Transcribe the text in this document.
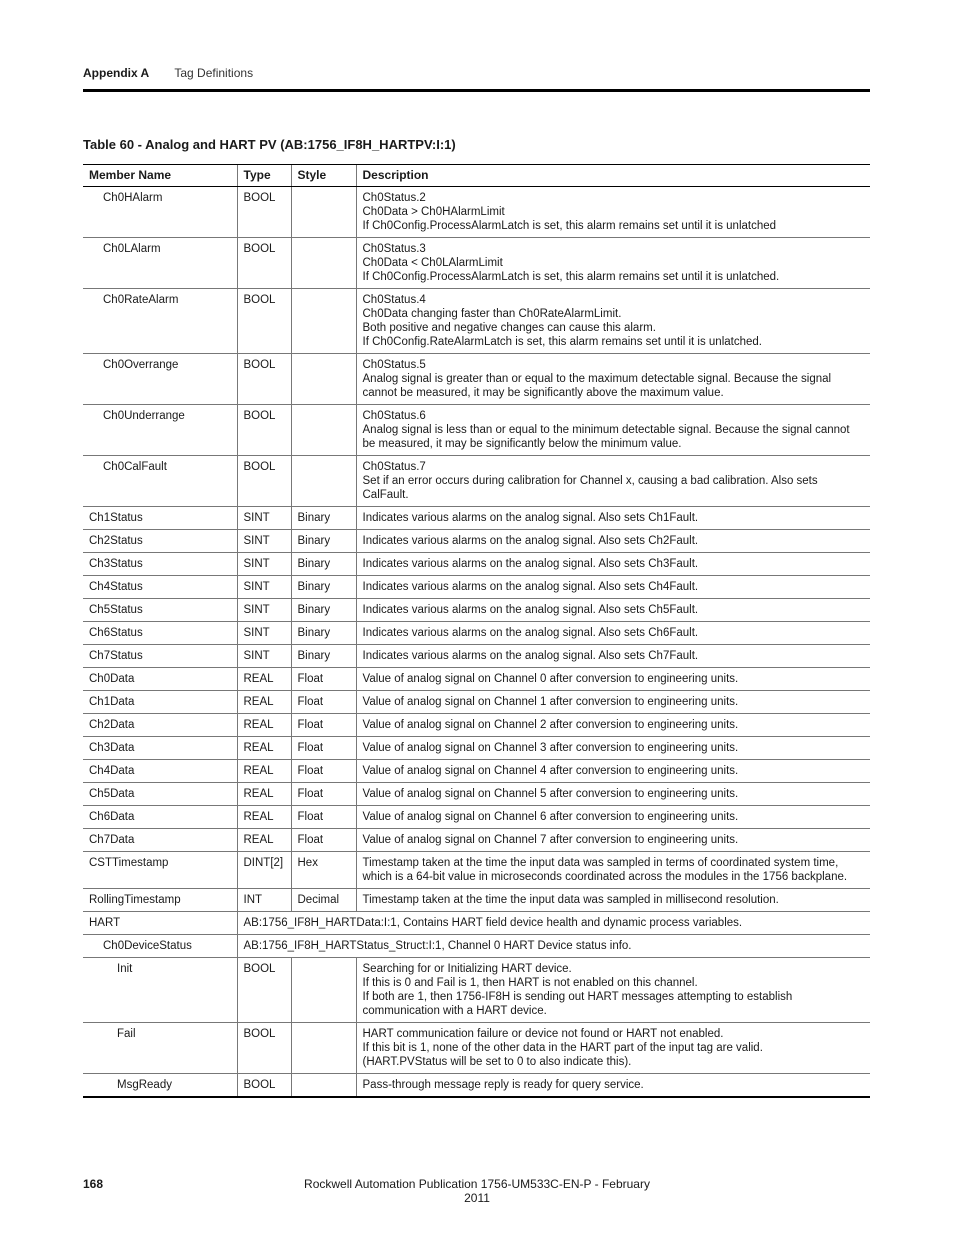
Appendix A Tag Definitions
Table 60 - Analog and HART PV (AB:1756_IF8H_HARTPV:I:1)
Member Name	Type	Style	Description
Ch0HAlarm	BOOL		Ch0Status.2
Ch0Data > Ch0HAlarmLimit
If Ch0Config.ProcessAlarmLatch is set, this alarm remains set until it is unlatched
Ch0LAlarm	BOOL		Ch0Status.3
Ch0Data < Ch0LAlarmLimit
If Ch0Config.ProcessAlarmLatch is set, this alarm remains set until it is unlatched.
Ch0RateAlarm	BOOL		Ch0Status.4
Ch0Data changing faster than Ch0RateAlarmLimit.
Both positive and negative changes can cause this alarm.
If Ch0Config.RateAlarmLatch is set, this alarm remains set until it is unlatched.
Ch0Overrange	BOOL		Ch0Status.5
Analog signal is greater than or equal to the maximum detectable signal. Because the signal cannot be measured, it may be significantly above the maximum value.
Ch0Underrange	BOOL		Ch0Status.6
Analog signal is less than or equal to the minimum detectable signal. Because the signal cannot be measured, it may be significantly below the minimum value.
Ch0CalFault	BOOL		Ch0Status.7
Set if an error occurs during calibration for Channel x, causing a bad calibration. Also sets CalFault.
Ch1Status	SINT	Binary	Indicates various alarms on the analog signal. Also sets Ch1Fault.
Ch2Status	SINT	Binary	Indicates various alarms on the analog signal. Also sets Ch2Fault.
Ch3Status	SINT	Binary	Indicates various alarms on the analog signal. Also sets Ch3Fault.
Ch4Status	SINT	Binary	Indicates various alarms on the analog signal. Also sets Ch4Fault.
Ch5Status	SINT	Binary	Indicates various alarms on the analog signal. Also sets Ch5Fault.
Ch6Status	SINT	Binary	Indicates various alarms on the analog signal. Also sets Ch6Fault.
Ch7Status	SINT	Binary	Indicates various alarms on the analog signal. Also sets Ch7Fault.
Ch0Data	REAL	Float	Value of analog signal on Channel 0 after conversion to engineering units.
Ch1Data	REAL	Float	Value of analog signal on Channel 1 after conversion to engineering units.
Ch2Data	REAL	Float	Value of analog signal on Channel 2 after conversion to engineering units.
Ch3Data	REAL	Float	Value of analog signal on Channel 3 after conversion to engineering units.
Ch4Data	REAL	Float	Value of analog signal on Channel 4 after conversion to engineering units.
Ch5Data	REAL	Float	Value of analog signal on Channel 5 after conversion to engineering units.
Ch6Data	REAL	Float	Value of analog signal on Channel 6 after conversion to engineering units.
Ch7Data	REAL	Float	Value of analog signal on Channel 7 after conversion to engineering units.
CSTTimestamp	DINT[2]	Hex	Timestamp taken at the time the input data was sampled in terms of coordinated system time, which is a 64-bit value in microseconds coordinated across the modules in the 1756 backplane.
RollingTimestamp	INT	Decimal	Timestamp taken at the time the input data was sampled in millisecond resolution.
HART	AB:1756_IF8H_HARTData:I:1, Contains HART field device health and dynamic process variables.		
Ch0DeviceStatus	AB:1756_IF8H_HARTStatus_Struct:I:1, Channel 0 HART Device status info.		
Init	BOOL		Searching for or Initializing HART device.
If this is 0 and Fail is 1, then HART is not enabled on this channel.
If both are 1, then 1756-IF8H is sending out HART messages attempting to establish communication with a HART device.
Fail	BOOL		HART communication failure or device not found or HART not enabled.
If this bit is 1, none of the other data in the HART part of the input tag are valid.
(HART.PVStatus will be set to 0 to also indicate this).
MsgReady	BOOL		Pass-through message reply is ready for query service.
168	Rockwell Automation Publication 1756-UM533C-EN-P - February 2011
